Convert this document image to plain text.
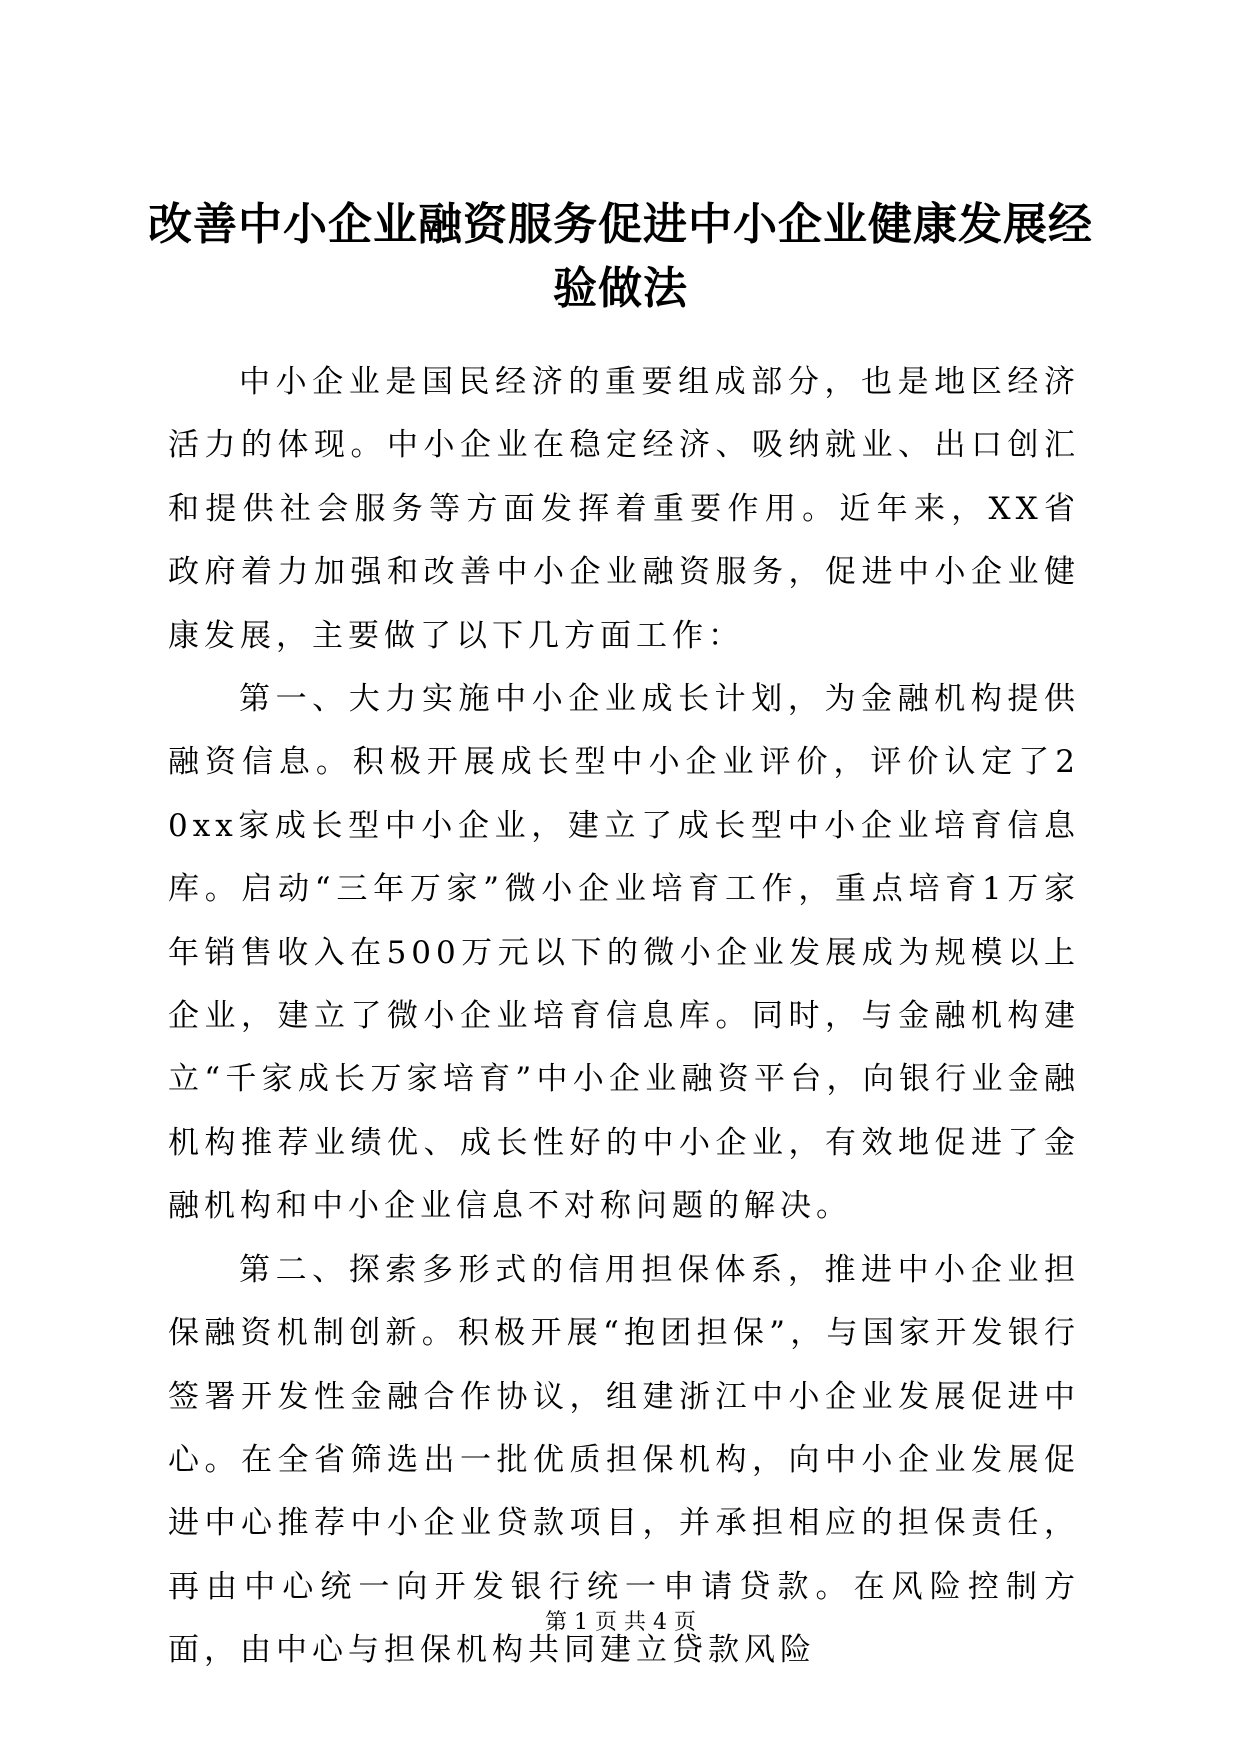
改善中小企业融资服务促进中小企业健康发展经验做法

中小企业是国民经济的重要组成部分，也是地区经济活力的体现。中小企业在稳定经济、吸纳就业、出口创汇和提供社会服务等方面发挥着重要作用。近年来，XX省政府着力加强和改善中小企业融资服务，促进中小企业健康发展，主要做了以下几方面工作：

第一、大力实施中小企业成长计划，为金融机构提供融资信息。积极开展成长型中小企业评价，评价认定了20xx家成长型中小企业，建立了成长型中小企业培育信息库。启动“三年万家”微小企业培育工作，重点培育1万家年销售收入在500万元以下的微小企业发展成为规模以上企业，建立了微小企业培育信息库。同时，与金融机构建立“千家成长万家培育”中小企业融资平台，向银行业金融机构推荐业绩优、成长性好的中小企业，有效地促进了金融机构和中小企业信息不对称问题的解决。

第二、探索多形式的信用担保体系，推进中小企业担保融资机制创新。积极开展“抱团担保”，与国家开发银行签署开发性金融合作协议，组建浙江中小企业发展促进中心。在全省筛选出一批优质担保机构，向中小企业发展促进中心推荐中小企业贷款项目，并承担相应的担保责任，再由中心统一向开发银行统一申请贷款。在风险控制方面，由中心与担保机构共同建立贷款风险

第 1 页 共 4 页
